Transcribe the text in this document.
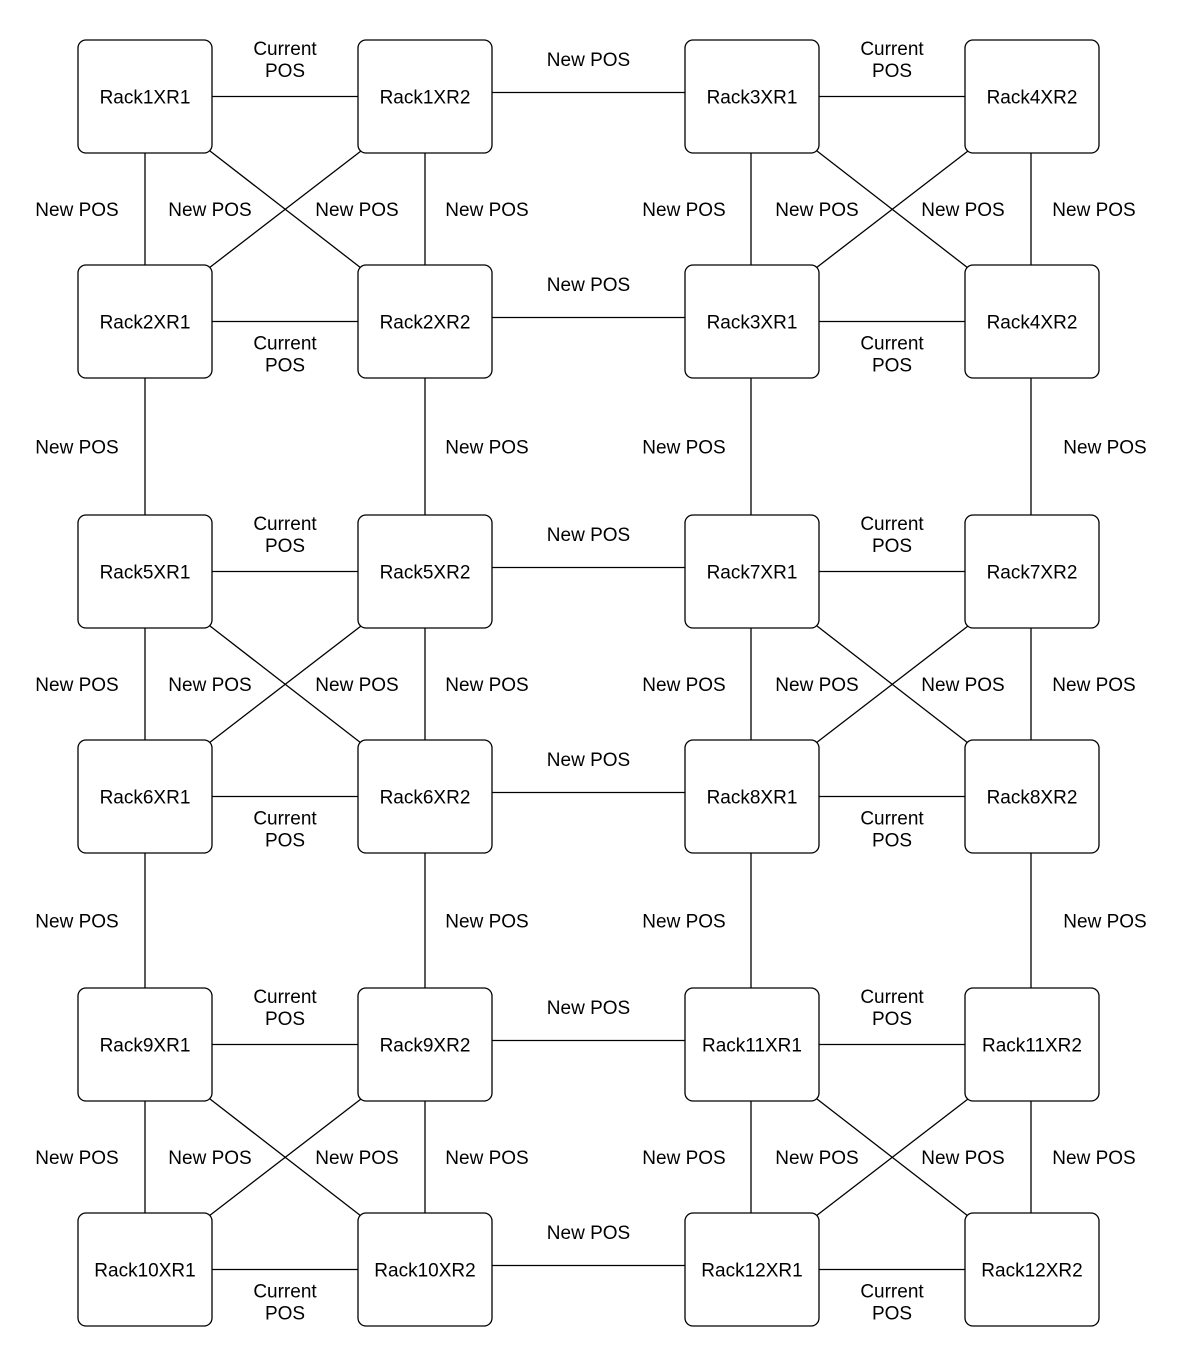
Rack1XR1	Rack1XR2	Rack3XR1	Rack4XR2
Rack2XR1	Rack2XR2	Rack3XR1	Rack4XR2
Rack5XR1	Rack5XR2	Rack7XR1	Rack7XR2
Rack6XR1	Rack6XR2	Rack8XR1	Rack8XR2
Rack9XR1	Rack9XR2	Rack11XR1	Rack11XR2
Rack10XR1	Rack10XR2	Rack12XR1	Rack12XR2
Current POS
New POS
Current POS
New POS	New POS
New POS	New POS	New POS	New POS
New POS	New POS
Current POS
New POS
Current POS
New POS	New POS	New POS	New POS
Current POS
New POS
Current POS
New POS	New POS
New POS	New POS	New POS	New POS
New POS	New POS
Current POS
New POS
Current POS
New POS	New POS	New POS	New POS
Current POS
New POS
Current POS
New POS	New POS
New POS	New POS	New POS	New POS
New POS	New POS
Current POS
New POS
Current POS
